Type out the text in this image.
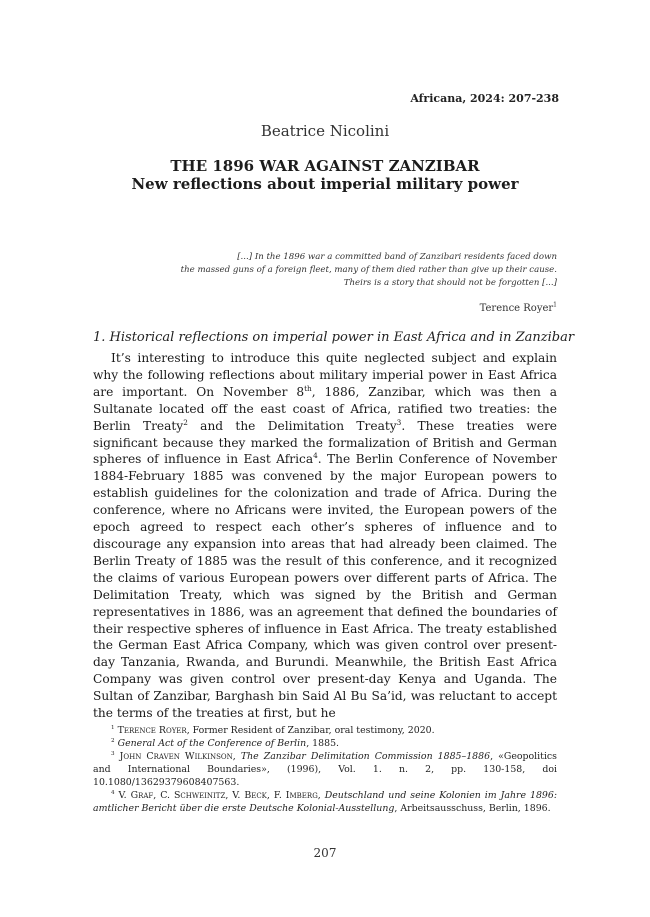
Africana, 2024: 207-238
Beatrice Nicolini
THE 1896 WAR AGAINST ZANZIBAR
New reflections about imperial military power
[...] In the 1896 war a committed band of Zanzibari residents faced down
the massed guns of a foreign fleet, many of them died rather than give up their cause.
Theirs is a story that should not be forgotten [...]
Terence Royer$^1$
1. Historical reflections on imperial power in East Africa and in Zanzibar

It’s interesting to introduce this quite neglected subject and explain why the following reflections about military imperial power in East Africa are important. On November 8th, 1886, Zanzibar, which was then a Sultanate located off the east coast of Africa, ratified two treaties: the Berlin Treaty$^2$ and the Delimitation Treaty$^3$. These treaties were significant because they marked the formalization of British and German spheres of influence in East Africa$^4$. The Berlin Conference of November 1884-February 1885 was convened by the major European powers to establish guidelines for the colonization and trade of Africa. During the conference, where no Africans were invited, the European powers of the epoch agreed to respect each other’s spheres of influence and to discourage any expansion into areas that had already been claimed. The Berlin Treaty of 1885 was the result of this conference, and it recognized the claims of various European powers over different parts of Africa. The Delimitation Treaty, which was signed by the British and German representatives in 1886, was an agreement that defined the boundaries of their respective spheres of influence in East Africa. The treaty established the German East Africa Company, which was given control over present-day Tanzania, Rwanda, and Burundi. Meanwhile, the British East Africa Company was given control over present-day Kenya and Uganda. The Sultan of Zanzibar, Barghash bin Said Al Bu Sa’id, was reluctant to accept the terms of the treaties at first, but he

$^1$ Terence Royer, Former Resident of Zanzibar, oral testimony, 2020.

$^2$ General Act of the Conference of Berlin, 1885.

$^3$ John Craven Wilkinson, The Zanzibar Delimitation Commission 1885–1886, «Geopolitics and International Boundaries», (1996), Vol. 1. n. 2, pp. 130-158, doi 10.1080/13629379608407563.

$^4$ V. Graf, C. Schweinitz, V. Beck, F. Imberg, Deutschland und seine Kolonien im Jahre 1896: amtlicher Bericht über die erste Deutsche Kolonial-Ausstellung, Arbeitsausschuss, Berlin, 1896.

207
